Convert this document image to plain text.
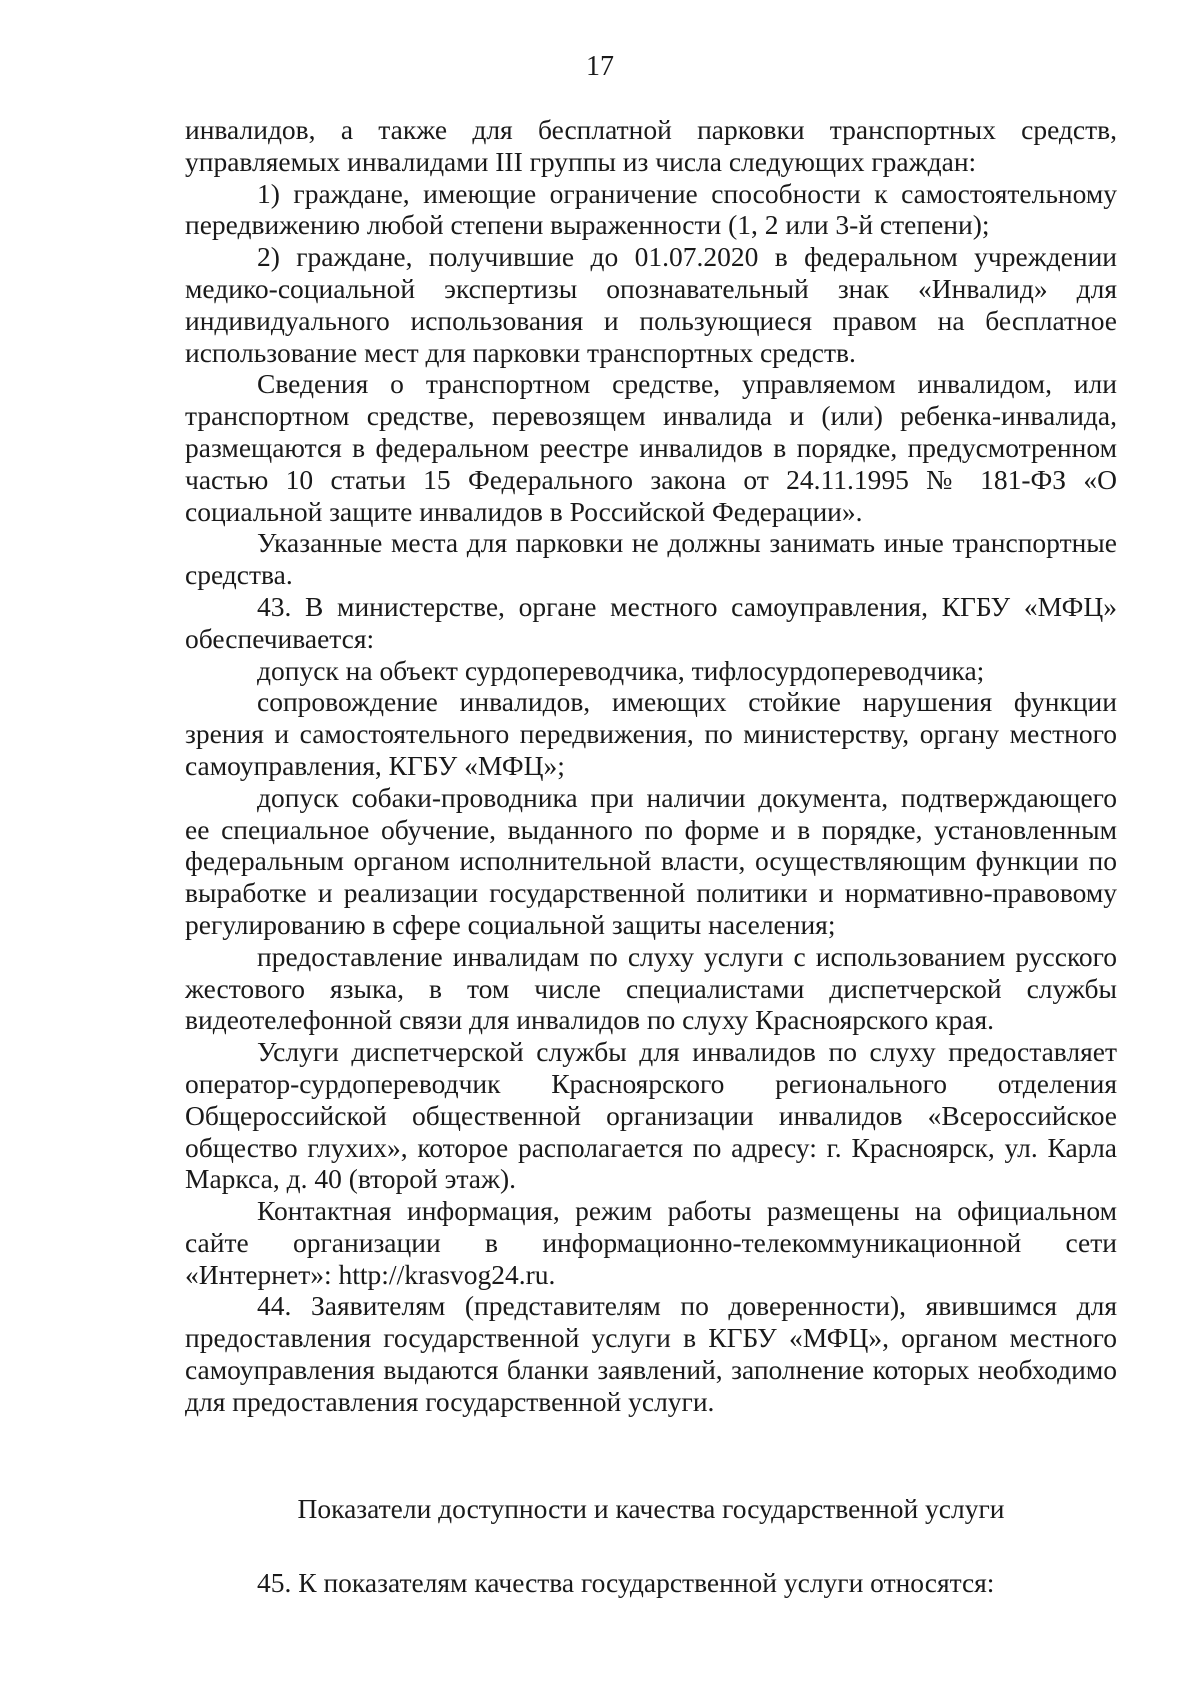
17

инвалидов, а также для бесплатной парковки транспортных средств, управляемых инвалидами III группы из числа следующих граждан:

1) граждане, имеющие ограничение способности к самостоятельному передвижению любой степени выраженности (1, 2 или 3-й степени);

2) граждане, получившие до 01.07.2020 в федеральном учреждении медико-социальной экспертизы опознавательный знак «Инвалид» для индивидуального использования и пользующиеся правом на бесплатное использование мест для парковки транспортных средств.

Сведения о транспортном средстве, управляемом инвалидом, или транспортном средстве, перевозящем инвалида и (или) ребенка-инвалида, размещаются в федеральном реестре инвалидов в порядке, предусмотренном частью 10 статьи 15 Федерального закона от 24.11.1995 № 181-ФЗ «О социальной защите инвалидов в Российской Федерации».

Указанные места для парковки не должны занимать иные транспортные средства.

43. В министерстве, органе местного самоуправления, КГБУ «МФЦ» обеспечивается:

допуск на объект сурдопереводчика, тифлосурдопереводчика;

сопровождение инвалидов, имеющих стойкие нарушения функции зрения и самостоятельного передвижения, по министерству, органу местного самоуправления, КГБУ «МФЦ»;

допуск собаки-проводника при наличии документа, подтверждающего ее специальное обучение, выданного по форме и в порядке, установленным федеральным органом исполнительной власти, осуществляющим функции по выработке и реализации государственной политики и нормативно-правовому регулированию в сфере социальной защиты населения;

предоставление инвалидам по слуху услуги с использованием русского жестового языка, в том числе специалистами диспетчерской службы видеотелефонной связи для инвалидов по слуху Красноярского края.

Услуги диспетчерской службы для инвалидов по слуху предоставляет оператор-сурдопереводчик Красноярского регионального отделения Общероссийской общественной организации инвалидов «Всероссийское общество глухих», которое располагается по адресу: г. Красноярск, ул. Карла Маркса, д. 40 (второй этаж).

Контактная информация, режим работы размещены на официальном сайте организации в информационно-телекоммуникационной сети «Интернет»: http://krasvog24.ru.

44. Заявителям (представителям по доверенности), явившимся для предоставления государственной услуги в КГБУ «МФЦ», органом местного самоуправления выдаются бланки заявлений, заполнение которых необходимо для предоставления государственной услуги.

Показатели доступности и качества государственной услуги
45. К показателям качества государственной услуги относятся:
